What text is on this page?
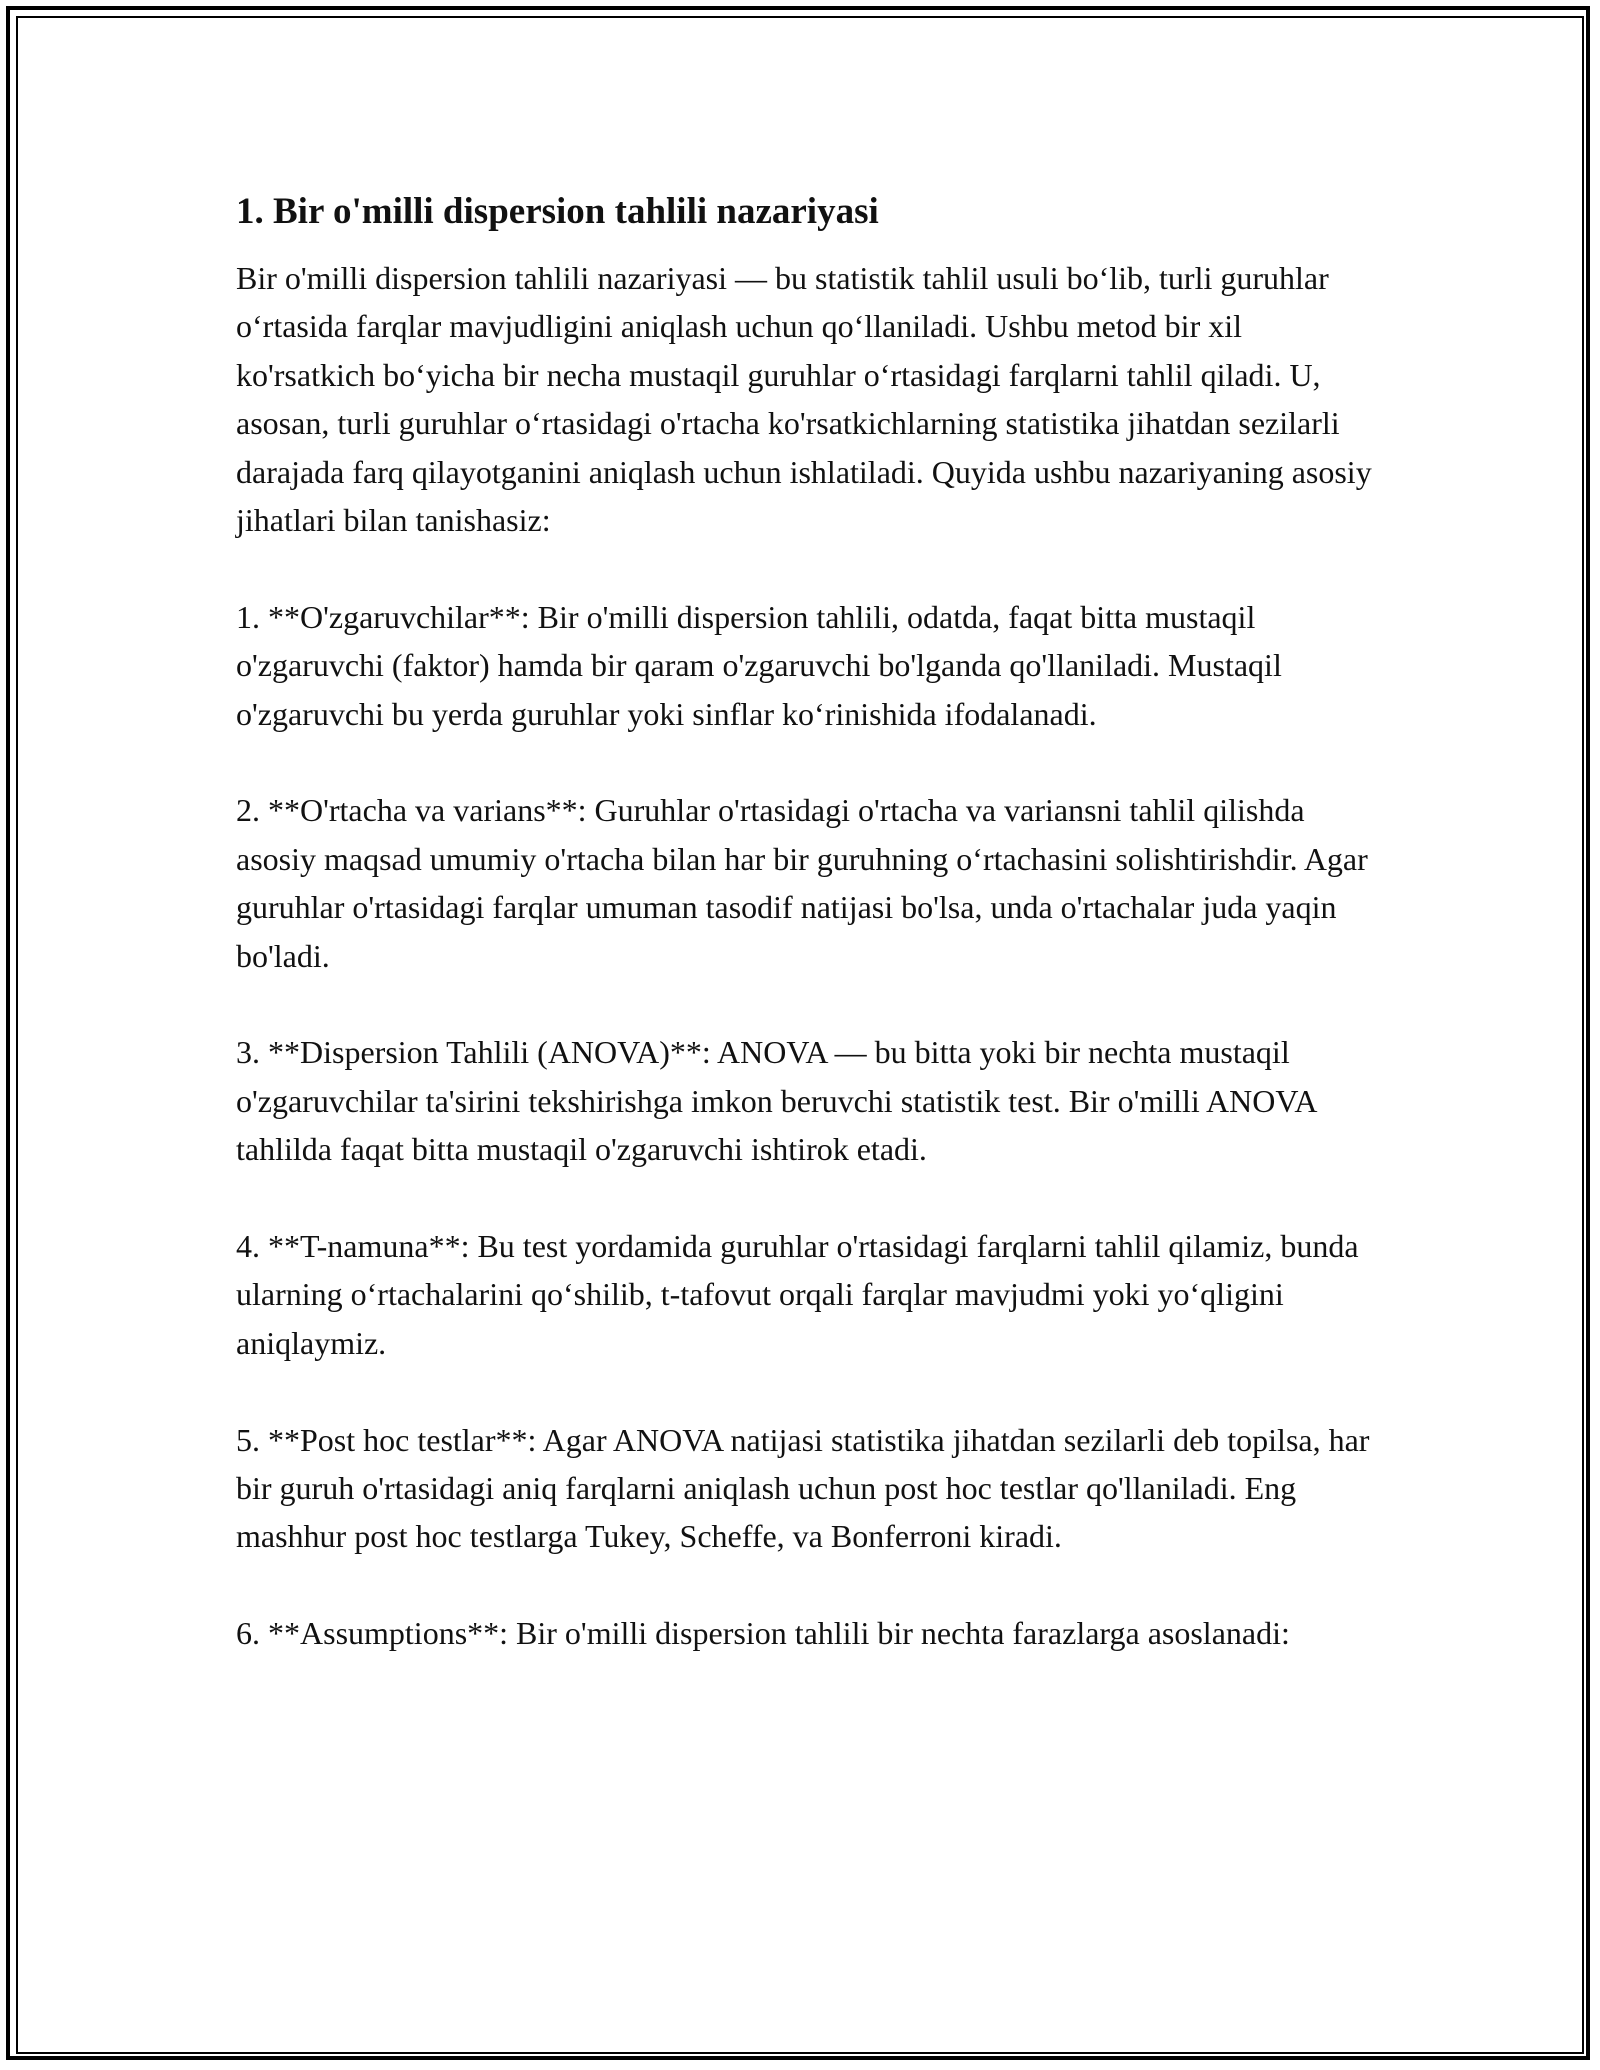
1. Bir o'milli dispersion tahlili nazariyasi

Bir o'milli dispersion tahlili nazariyasi — bu statistik tahlil usuli bo‘lib, turli guruhlar o‘rtasida farqlar mavjudligini aniqlash uchun qo‘llaniladi. Ushbu metod bir xil ko'rsatkich bo‘yicha bir necha mustaqil guruhlar o‘rtasidagi farqlarni tahlil qiladi. U, asosan, turli guruhlar o‘rtasidagi o'rtacha ko'rsatkichlarning statistika jihatdan sezilarli darajada farq qilayotganini aniqlash uchun ishlatiladi. Quyida ushbu nazariyaning asosiy jihatlari bilan tanishasiz:

1. **O'zgaruvchilar**: Bir o'milli dispersion tahlili, odatda, faqat bitta mustaqil o'zgaruvchi (faktor) hamda bir qaram o'zgaruvchi bo'lganda qo'llaniladi. Mustaqil o'zgaruvchi bu yerda guruhlar yoki sinflar ko‘rinishida ifodalanadi.

2. **O'rtacha va varians**: Guruhlar o'rtasidagi o'rtacha va variansni tahlil qilishda asosiy maqsad umumiy o'rtacha bilan har bir guruhning o‘rtachasini solishtirishdir. Agar guruhlar o'rtasidagi farqlar umuman tasodif natijasi bo'lsa, unda o'rtachalar juda yaqin bo'ladi.

3. **Dispersion Tahlili (ANOVA)**: ANOVA — bu bitta yoki bir nechta mustaqil o'zgaruvchilar ta'sirini tekshirishga imkon beruvchi statistik test. Bir o'milli ANOVA tahlilda faqat bitta mustaqil o'zgaruvchi ishtirok etadi.

4. **T-namuna**: Bu test yordamida guruhlar o'rtasidagi farqlarni tahlil qilamiz, bunda ularning o‘rtachalarini qo‘shilib, t-tafovut orqali farqlar mavjudmi yoki yo‘qligini aniqlaymiz.

5. **Post hoc testlar**: Agar ANOVA natijasi statistika jihatdan sezilarli deb topilsa, har bir guruh o'rtasidagi aniq farqlarni aniqlash uchun post hoc testlar qo'llaniladi. Eng mashhur post hoc testlarga Tukey, Scheffe, va Bonferroni kiradi.

6. **Assumptions**: Bir o'milli dispersion tahlili bir nechta farazlarga asoslanadi:
